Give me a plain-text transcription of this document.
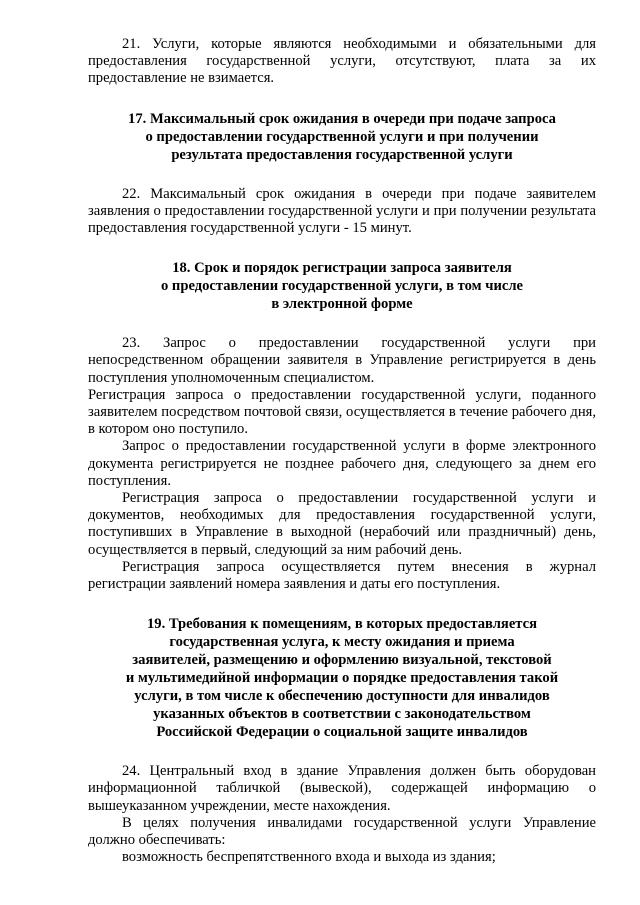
21. Услуги, которые являются необходимыми и обязательными для предоставления государственной услуги, отсутствуют, плата за их предоставление не взимается.

17. Максимальный срок ожидания в очереди при подаче запроса
о предоставлении государственной услуги и при получении
результата предоставления государственной услуги

22. Максимальный срок ожидания в очереди при подаче заявителем заявления о предоставлении государственной услуги и при получении результата предоставления государственной услуги - 15 минут.

18. Срок и порядок регистрации запроса заявителя
о предоставлении государственной услуги, в том числе
в электронной форме

23. Запрос о предоставлении государственной услуги при непосредственном обращении заявителя в Управление регистрируется в день поступления уполномоченным специалистом.

Регистрация запроса о предоставлении государственной услуги, поданного заявителем посредством почтовой связи, осуществляется в течение рабочего дня, в котором оно поступило.

Запрос о предоставлении государственной услуги в форме электронного документа регистрируется не позднее рабочего дня, следующего за днем его поступления.

Регистрация запроса о предоставлении государственной услуги и документов, необходимых для предоставления государственной услуги, поступивших в Управление в выходной (нерабочий или праздничный) день, осуществляется в первый, следующий за ним рабочий день.

Регистрация запроса осуществляется путем внесения в журнал регистрации заявлений номера заявления и даты его поступления.

19. Требования к помещениям, в которых предоставляется
государственная услуга, к месту ожидания и приема
заявителей, размещению и оформлению визуальной, текстовой
и мультимедийной информации о порядке предоставления такой
услуги, в том числе к обеспечению доступности для инвалидов
указанных объектов в соответствии с законодательством
Российской Федерации о социальной защите инвалидов

24. Центральный вход в здание Управления должен быть оборудован информационной табличкой (вывеской), содержащей информацию о вышеуказанном учреждении, месте нахождения.

В целях получения инвалидами государственной услуги Управление должно обеспечивать:

возможность беспрепятственного входа и выхода из здания;
